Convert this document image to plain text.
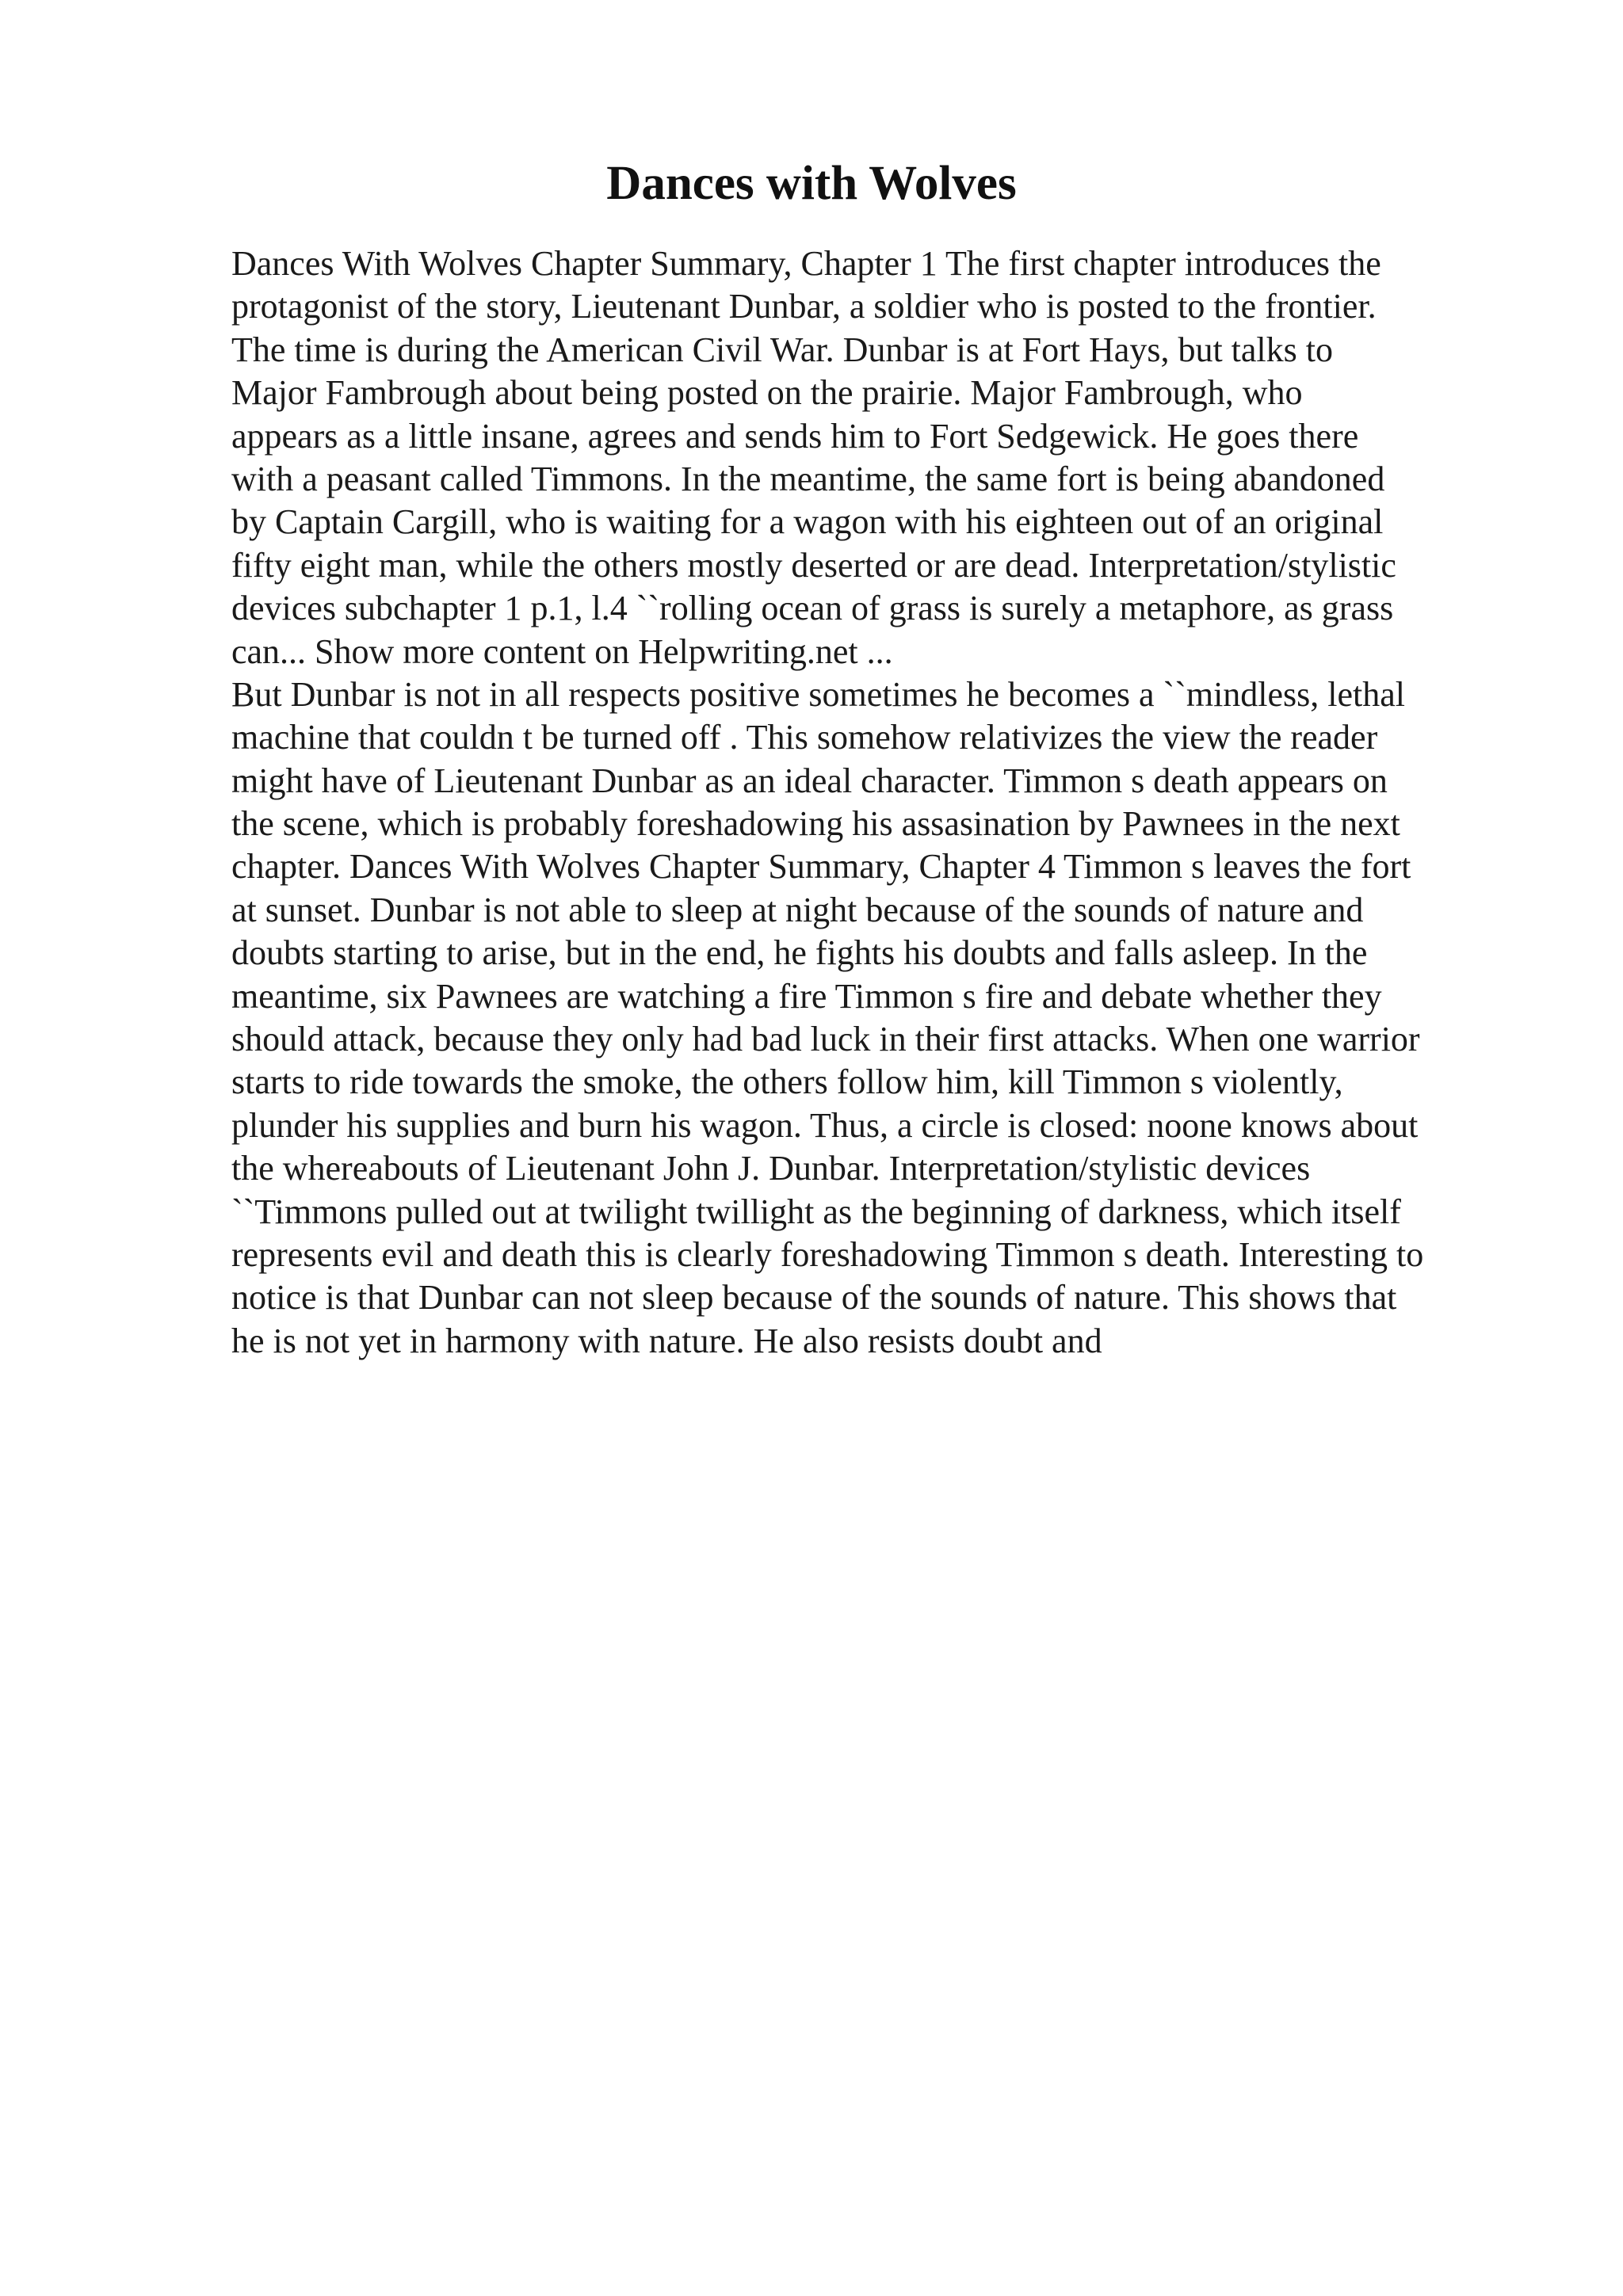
Dances with Wolves
Dances With Wolves Chapter Summary, Chapter 1 The first chapter introduces the
protagonist of the story, Lieutenant Dunbar, a soldier who is posted to the frontier.
The time is during the American Civil War. Dunbar is at Fort Hays, but talks to
Major Fambrough about being posted on the prairie. Major Fambrough, who
appears as a little insane, agrees and sends him to Fort Sedgewick. He goes there
with a peasant called Timmons. In the meantime, the same fort is being abandoned
by Captain Cargill, who is waiting for a wagon with his eighteen out of an original
fifty eight man, while the others mostly deserted or are dead. Interpretation/stylistic
devices subchapter 1 p.1, l.4 ``rolling ocean of grass is surely a metaphore, as grass
can... Show more content on Helpwriting.net ...
But Dunbar is not in all respects positive sometimes he becomes a ``mindless, lethal
machine that couldn t be turned off . This somehow relativizes the view the reader
might have of Lieutenant Dunbar as an ideal character. Timmon s death appears on
the scene, which is probably foreshadowing his assasination by Pawnees in the next
chapter. Dances With Wolves Chapter Summary, Chapter 4 Timmon s leaves the fort
at sunset. Dunbar is not able to sleep at night because of the sounds of nature and
doubts starting to arise, but in the end, he fights his doubts and falls asleep. In the
meantime, six Pawnees are watching a fire Timmon s fire and debate whether they
should attack, because they only had bad luck in their first attacks. When one warrior
starts to ride towards the smoke, the others follow him, kill Timmon s violently,
plunder his supplies and burn his wagon. Thus, a circle is closed: noone knows about
the whereabouts of Lieutenant John J. Dunbar. Interpretation/stylistic devices
``Timmons pulled out at twilight twillight as the beginning of darkness, which itself
represents evil and death this is clearly foreshadowing Timmon s death. Interesting to
notice is that Dunbar can not sleep because of the sounds of nature. This shows that
he is not yet in harmony with nature. He also resists doubt and
